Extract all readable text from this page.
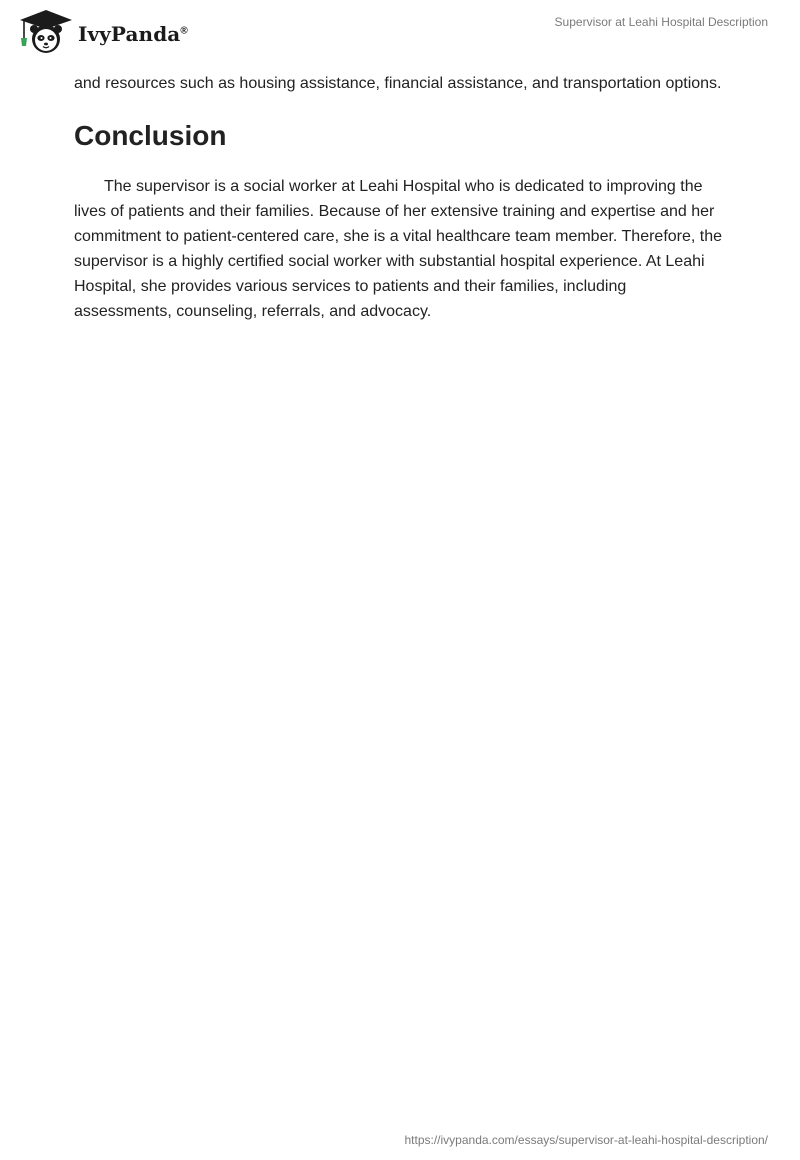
IvyPanda®
Supervisor at Leahi Hospital Description

and resources such as housing assistance, financial assistance, and transportation options.

Conclusion

The supervisor is a social worker at Leahi Hospital who is dedicated to improving the lives of patients and their families. Because of her extensive training and expertise and her commitment to patient-centered care, she is a vital healthcare team member. Therefore, the supervisor is a highly certified social worker with substantial hospital experience. At Leahi Hospital, she provides various services to patients and their families, including assessments, counseling, referrals, and advocacy.

https://ivypanda.com/essays/supervisor-at-leahi-hospital-description/
